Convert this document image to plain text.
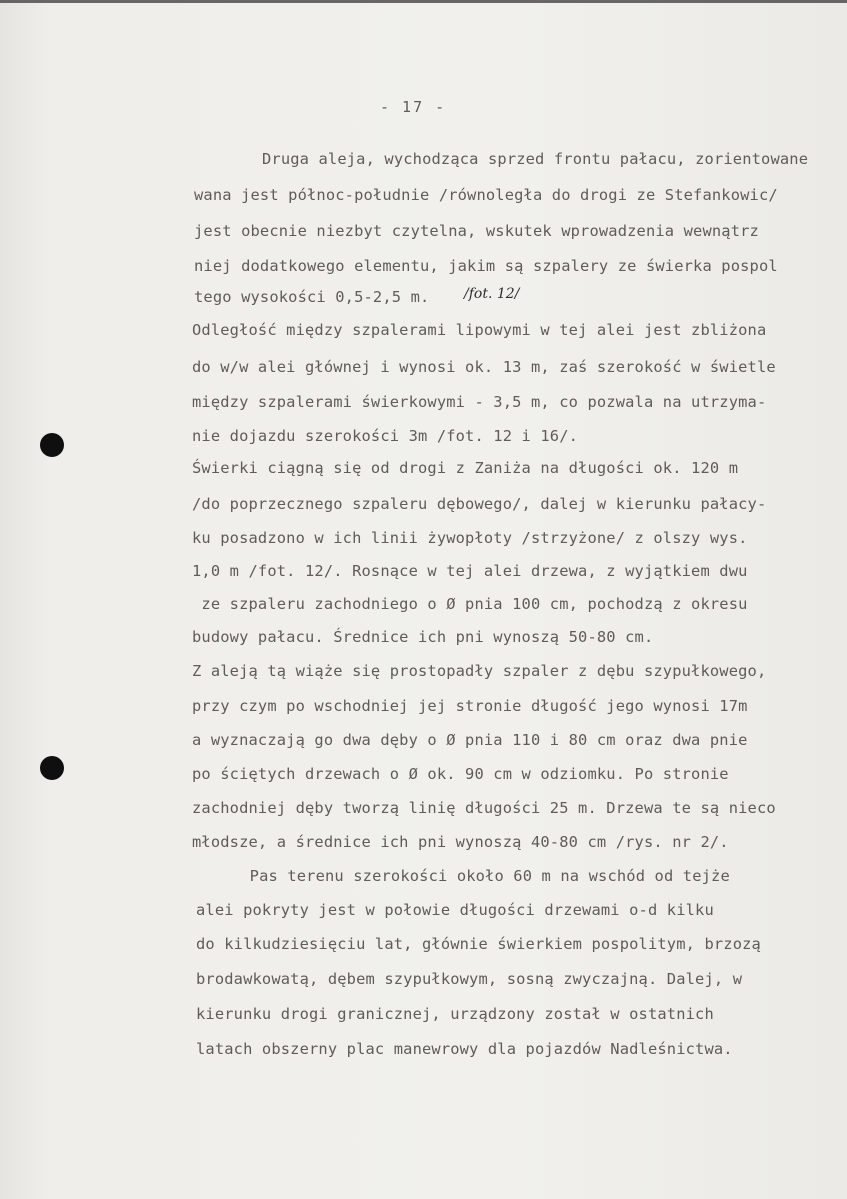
- 17 -
Druga aleja, wychodząca sprzed frontu pałacu, zorientowane
wana jest północ-południe /równoległa do drogi ze Stefankowic/
jest obecnie niezbyt czytelna, wskutek wprowadzenia wewnątrz
niej dodatkowego elementu, jakim są szpalery ze świerka pospol
tego wysokości 0,5-2,5 m. /fot. 12/
Odległość między szpalerami lipowymi w tej alei jest zbliżona
do w/w alei głównej i wynosi ok. 13 m, zaś szerokość w świetle
między szpalerami świerkowymi - 3,5 m, co pozwala na utrzyma-
nie dojazdu szerokości 3m /fot. 12 i 16/.
Świerki ciągną się od drogi z Zaniża na długości ok. 120 m
/do poprzecznego szpaleru dębowego/, dalej w kierunku pałacy-
ku posadzono w ich linii żywopłoty /strzyżone/ z olszy wys.
1,0 m /fot. 12/. Rosnące w tej alei drzewa, z wyjątkiem dwu
ze szpaleru zachodniego o Ø pnia 100 cm, pochodzą z okresu
budowy pałacu. Średnice ich pni wynoszą 50-80 cm.
Z aleją tą wiąże się prostopadły szpaler z dębu szypułkowego,
przy czym po wschodniej jej stronie długość jego wynosi 17m
a wyznaczają go dwa dęby o Ø pnia 110 i 80 cm oraz dwa pnie
po ściętych drzewach o Ø ok. 90 cm w odziomku. Po stronie
zachodniej dęby tworzą linię długości 25 m. Drzewa te są nieco
młodsze, a średnice ich pni wynoszą 40-80 cm /rys. nr 2/.
Pas terenu szerokości około 60 m na wschód od tejże
alei pokryty jest w połowie długości drzewami o-d kilku
do kilkudziesięciu lat, głównie świerkiem pospolitym, brzozą
brodawkowatą, dębem szypułkowym, sosną zwyczajną. Dalej, w
kierunku drogi granicznej, urządzony został w ostatnich
latach obszerny plac manewrowy dla pojazdów Nadleśnictwa.
